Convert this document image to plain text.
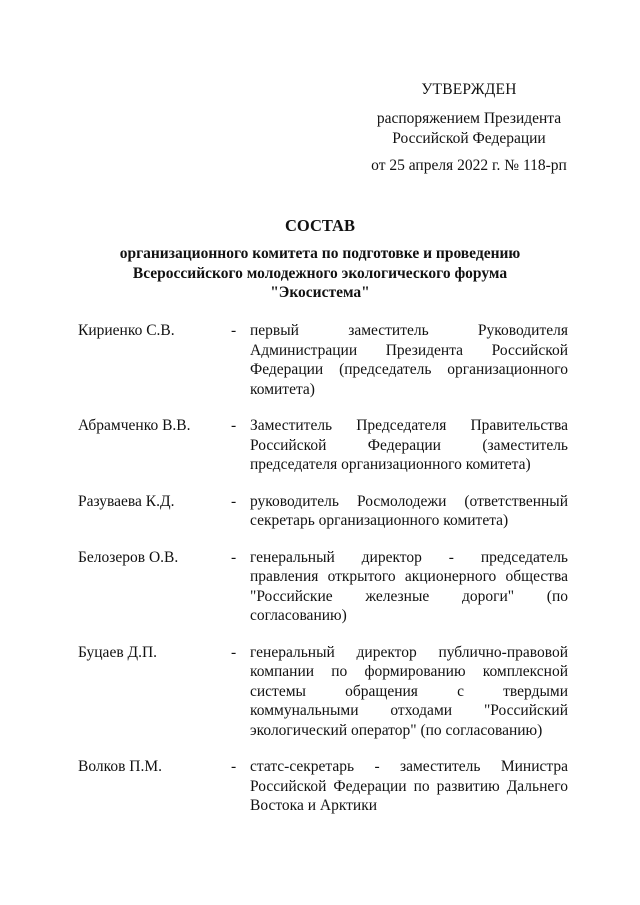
УТВЕРЖДЕН
распоряжением Президента
Российской Федерации
от 25 апреля 2022 г. № 118-рп
СОСТАВ
организационного комитета по подготовке и проведению
Всероссийского молодежного экологического форума
"Экосистема"
Кириенко С.В.	- первый заместитель Руководителя Администрации Президента Российской Федерации (председатель организационного комитета)
Абрамченко В.В.	- Заместитель Председателя Правительства Российской Федерации (заместитель председателя организационного комитета)
Разуваева К.Д.	- руководитель Росмолодежи (ответственный секретарь организационного комитета)
Белозеров О.В.	- генеральный директор - председатель правления открытого акционерного общества "Российские железные дороги" (по согласованию)
Буцаев Д.П.	- генеральный директор публично-правовой компании по формированию комплексной системы обращения с твердыми коммунальными отходами "Российский экологический оператор" (по согласованию)
Волков П.М.	- статс-секретарь - заместитель Министра Российской Федерации по развитию Дальнего Востока и Арктики
